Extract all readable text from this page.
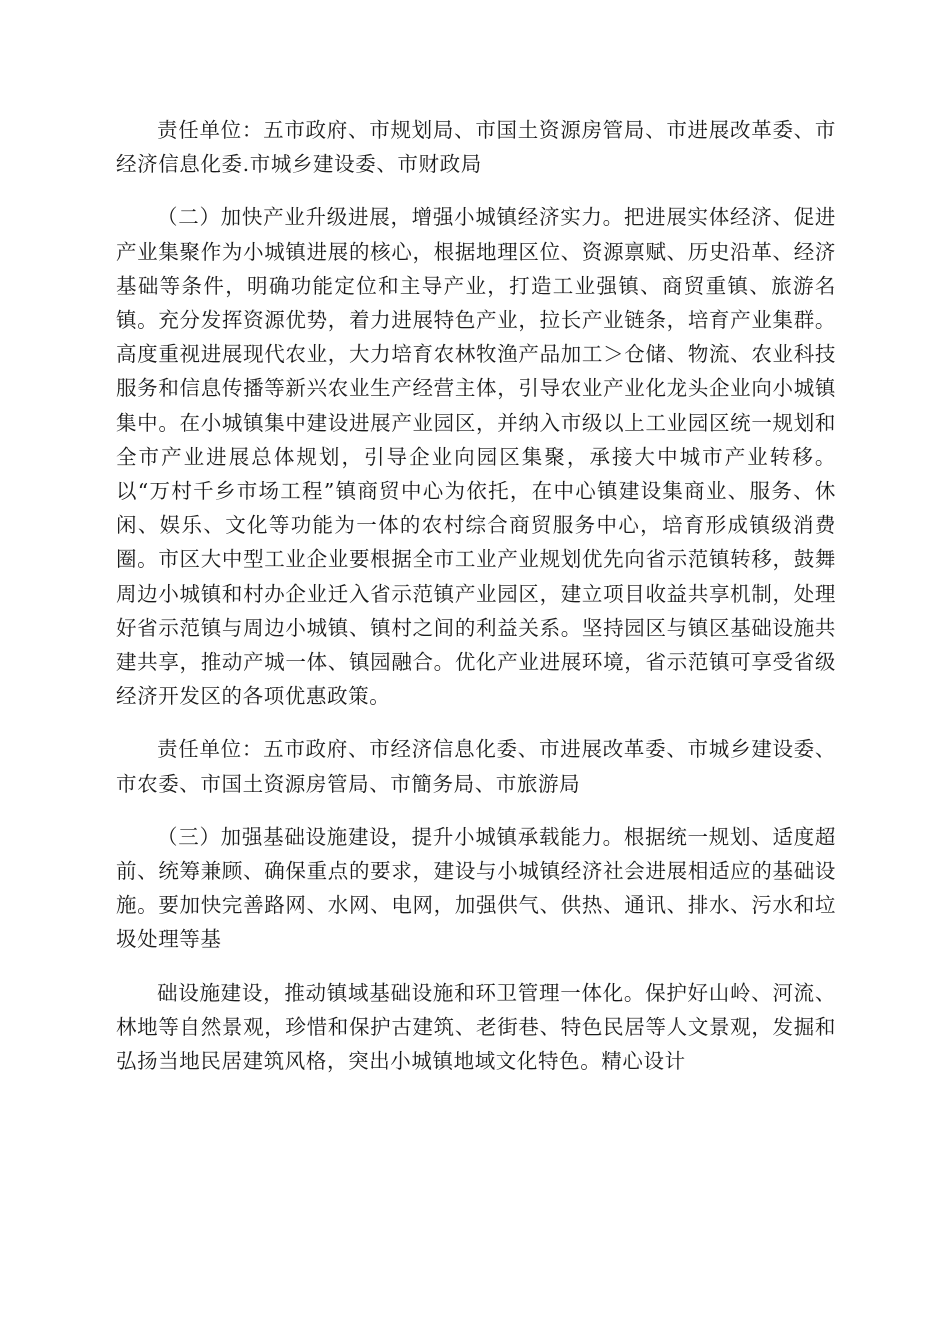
责任单位：五市政府、市规划局、市国土资源房管局、市进展改革委、市经济信息化委.市城乡建设委、市财政局

（二）加快产业升级进展，增强小城镇经济实力。把进展实体经济、促进产业集聚作为小城镇进展的核心，根据地理区位、资源禀赋、历史沿革、经济基础等条件，明确功能定位和主导产业，打造工业强镇、商贸重镇、旅游名镇。充分发挥资源优势，着力进展特色产业，拉长产业链条，培育产业集群。高度重视进展现代农业，大力培育农林牧渔产品加工＞仓储、物流、农业科技服务和信息传播等新兴农业生产经营主体，引导农业产业化龙头企业向小城镇集中。在小城镇集中建设进展产业园区，并纳入市级以上工业园区统一规划和全市产业进展总体规划，引导企业向园区集聚，承接大中城市产业转移。以“万村千乡市场工程”镇商贸中心为依托，在中心镇建设集商业、服务、休闲、娱乐、文化等功能为一体的农村综合商贸服务中心，培育形成镇级消费圈。市区大中型工业企业要根据全市工业产业规划优先向省示范镇转移，鼓舞周边小城镇和村办企业迁入省示范镇产业园区，建立项目收益共享机制，处理好省示范镇与周边小城镇、镇村之间的利益关系。坚持园区与镇区基础设施共建共享，推动产城一体、镇园融合。优化产业进展环境，省示范镇可享受省级经济开发区的各项优惠政策。

责任单位：五市政府、市经济信息化委、市进展改革委、市城乡建设委、市农委、市国土资源房管局、市簡务局、市旅游局

（三）加强基础设施建设，提升小城镇承载能力。根据统一规划、适度超前、统筹兼顾、确保重点的要求，建设与小城镇经济社会进展相适应的基础设施。要加快完善路网、水网、电网，加强供气、供热、通讯、排水、污水和垃圾处理等基

础设施建设，推动镇域基础设施和环卫管理一体化。保护好山岭、河流、林地等自然景观，珍惜和保护古建筑、老街巷、特色民居等人文景观，发掘和弘扬当地民居建筑风格，突出小城镇地域文化特色。精心设计
